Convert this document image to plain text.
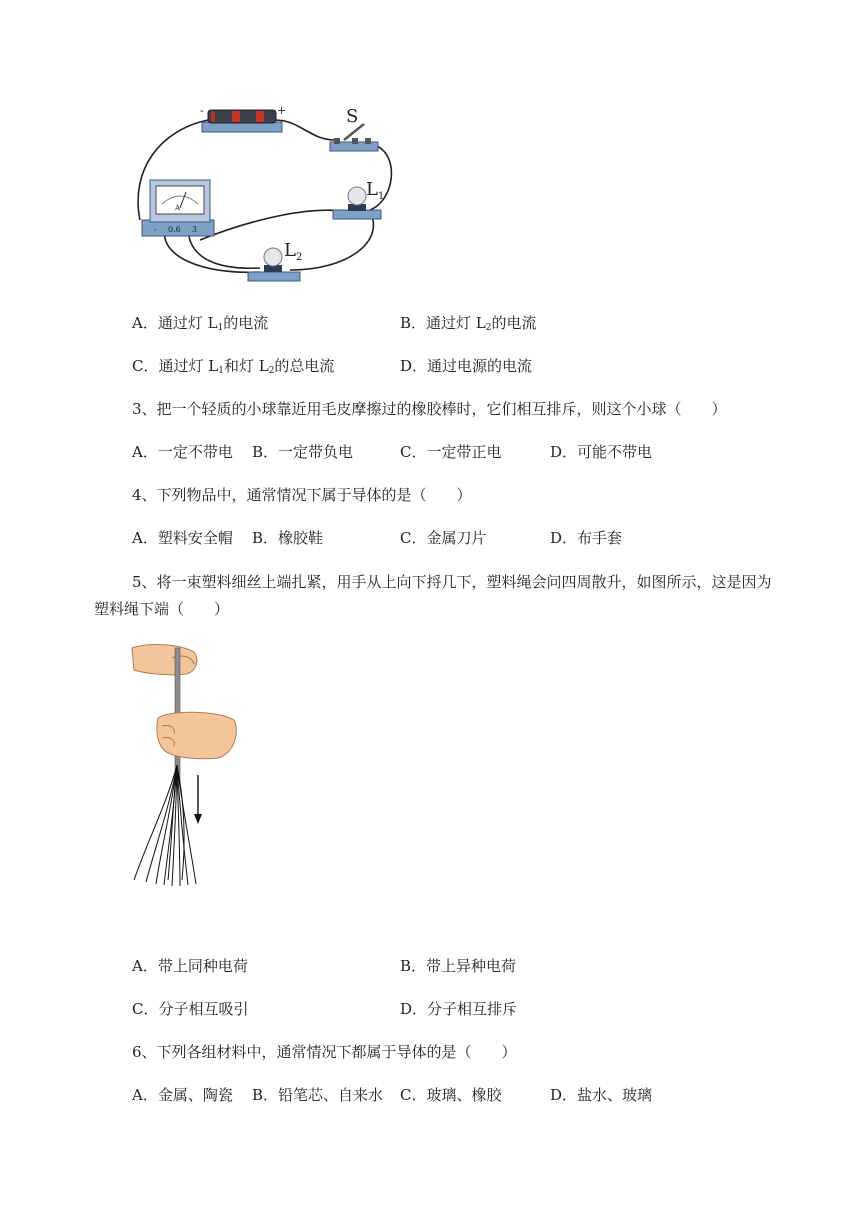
-	+	S
$L_1$
$L_2$
A
- 0.6 3
A．通过灯 $L_1$的电流	B．通过灯 $L_2$的电流
C．通过灯 $L_1$和灯 $L_2$的总电流	D．通过电源的电流
3、把一个轻质的小球靠近用毛皮摩擦过的橡胶棒时，它们相互排斥，则这个小球（　　）
A．一定不带电 B．一定带负电	C．一定带正电	D．可能不带电
4、下列物品中，通常情况下属于导体的是（　　）
A．塑料安全帽 B．橡胶鞋	C．金属刀片	D．布手套
5、将一束塑料细丝上端扎紧，用手从上向下捋几下，塑料绳会问四周散升，如图所示，这是因为
塑料绳下端（　　）
A．带上同种电荷	B．带上异种电荷
C．分子相互吸引	D．分子相互排斥
6、下列各组材料中，通常情况下都属于导体的是（　　）
A．金属、陶瓷 B．铅笔芯、自来水 C．玻璃、橡胶	D．盐水、玻璃
